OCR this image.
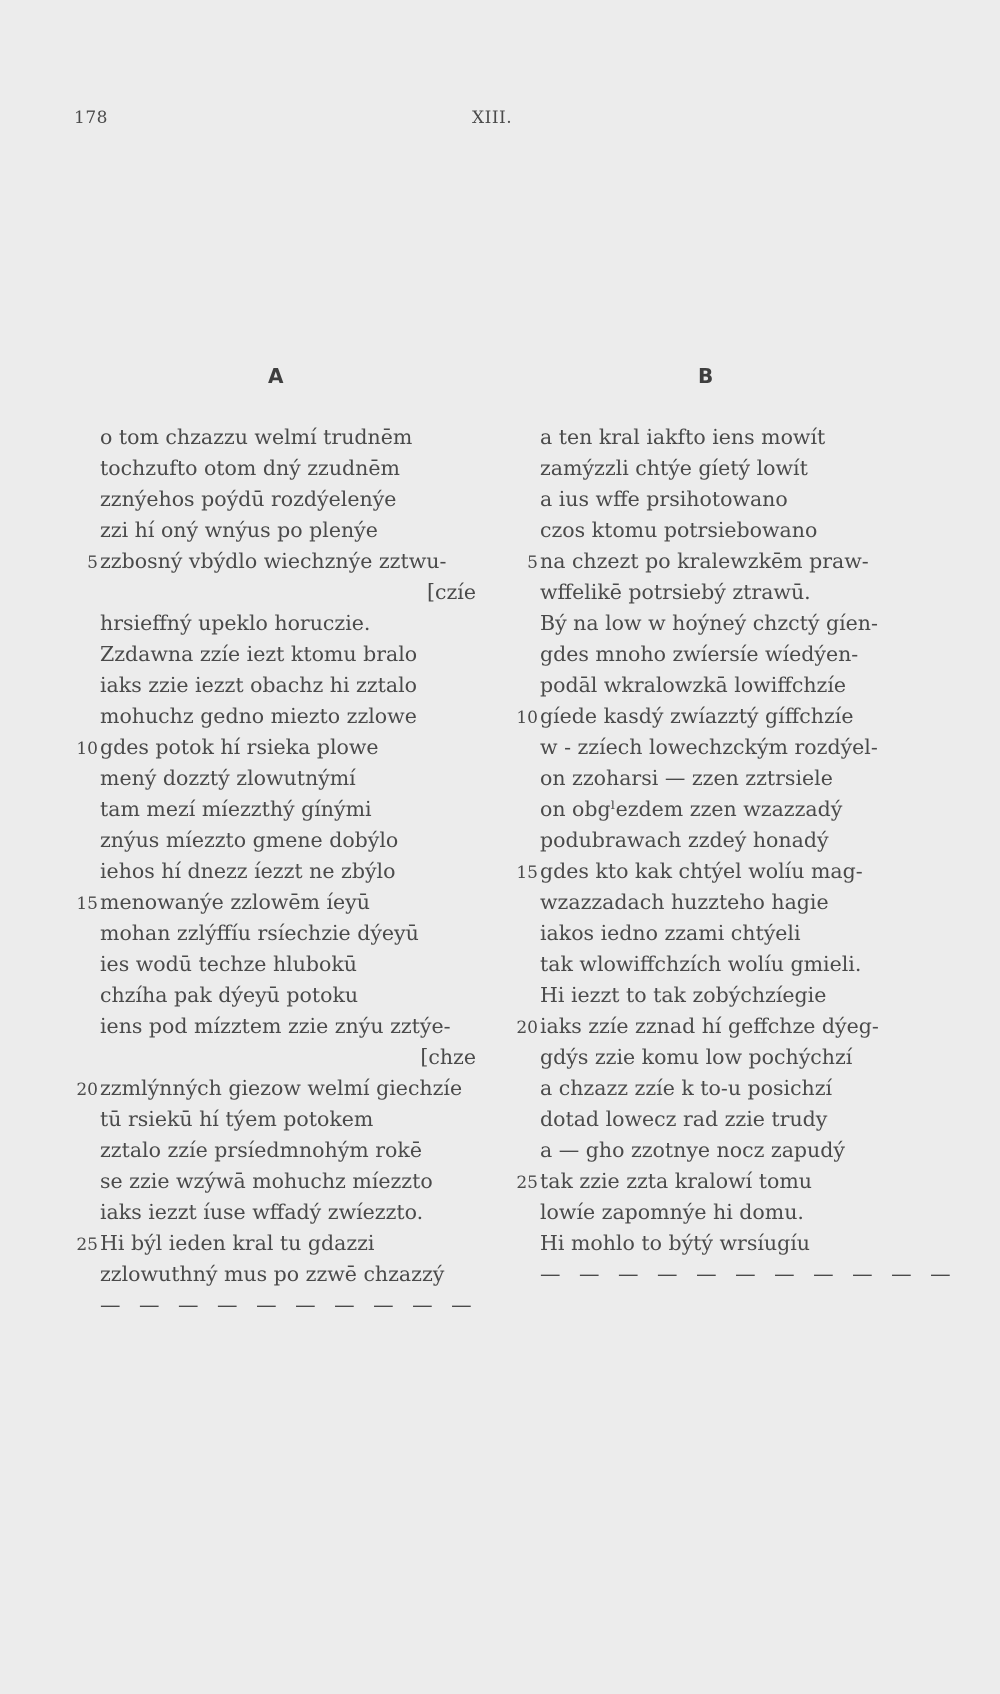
178	XIII.
A	B
o tom chzazzu welmí trudnēm
tochzufto otom dný zzudnēm
zznýehos poýdū rozdýelenýe
zzi hí oný wnýus po plenýe
5 zzbosný vbýdlo wiechznýe zztwu-
[czíe
hrsieffný upeklo horuczie.
Zzdawna zzíe iezt ktomu bralo
iaks zzie iezzt obachz hi zztalo
mohuchz gedno miezto zzlowe
10 gdes potok hí rsieka plowe
mený dozztý zlowutnýmí
tam mezí míezzthý gínými
znýus míezzto gmene dobýlo
iehos hí dnezz íezzt ne zbýlo
15 menowanýe zzlowēm íeyū
mohan zzlýffíu rsíechzie dýeyū
ies wodū techze hlubokū
chzíha pak dýeyū potoku
iens pod mízztem zzie znýu zztýe-
[chze
20 zzmlýnných giezow welmí giechzíe
tū rsiekū hí týem potokem
zztalo zzíe prsíedmnohým rokē
se zzie wzýwā mohuchz míezzto
iaks iezzt íuse wffadý zwíezzto.
25 Hi býl ieden kral tu gdazzi
zzlowuthný mus po zzwē chzazzý
— — — — — — — — — —
a ten kral iakfto iens mowít
zamýzzli chtýe gíetý lowít
a ius wffe prsihotowano
czos ktomu potrsiebowano
5 na chzezt po kralewzkēm praw-
wffelikē potrsiebý ztrawū.
Bý na low w hoýneý chzctý gíen-
gdes mnoho zwíersíe wíedýen-
podāl wkralowzkā lowiffchzíe
10 gíede kasdý zwíazztý gíffchzíe
w - zzíech lowechzckým rozdýel-
on zzoharsi — zzen zztrsiele
on obgˡezdem zzen wzazzadý
podubrawach zzdeý honadý
15 gdes kto kak chtýel wolíu mag-
wzazzadach huzzteho hagie
iakos iedno zzami chtýeli
tak wlowiffchzích wolíu gmieli.
Hi iezzt to tak zobýchzíegie
20 iaks zzíe zznad hí geffchze dýeg-
gdýs zzie komu low pochýchzí
a chzazz zzíe k to-u posichzí
dotad lowecz rad zzie trudy
a — gho zzotnye nocz zapudý
25 tak zzie zzta kralowí tomu
lowíe zapomnýe hi domu.
Hi mohlo to býtý wrsíugíu
— — — — — — — — — — —
